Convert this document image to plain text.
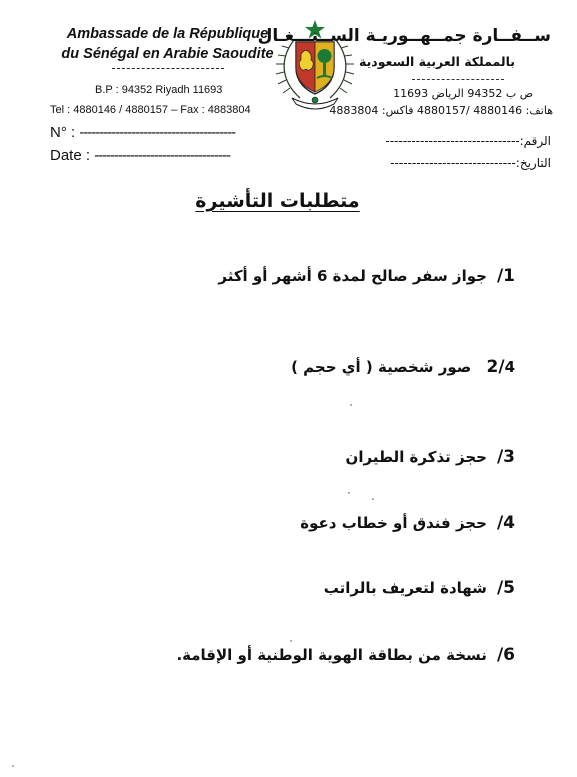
Ambassade de la République
du Sénégal en Arabie Saoudite
B.P : 94352 Riyadh 11693
Tel : 4880146 / 4880157 – Fax : 4883804
N° : ---------------------------------------
Date : ----------------------------------
ســفــارة جمــهــوريـة الســنـــغـال
بالمملكة العربية السعودية
ص ب 94352 الرياض 11693
هاتف: 4880146 /4880157 فاكس: 4883804
الرقم:-------------------------------
التاريخ:-----------------------------
متطلبات التأشيرة
1/جواز سفر صالح لمدة 6 أشهر أو أكثر
2/4 صور شخصية ( أي حجم )
3/حجز تذكرة الطيران
4/حجز فندق أو خطاب دعوة
5/شهادة لتعريف بالراتب
6/نسخة من بطاقة الهوية الوطنية أو الإقامة.
